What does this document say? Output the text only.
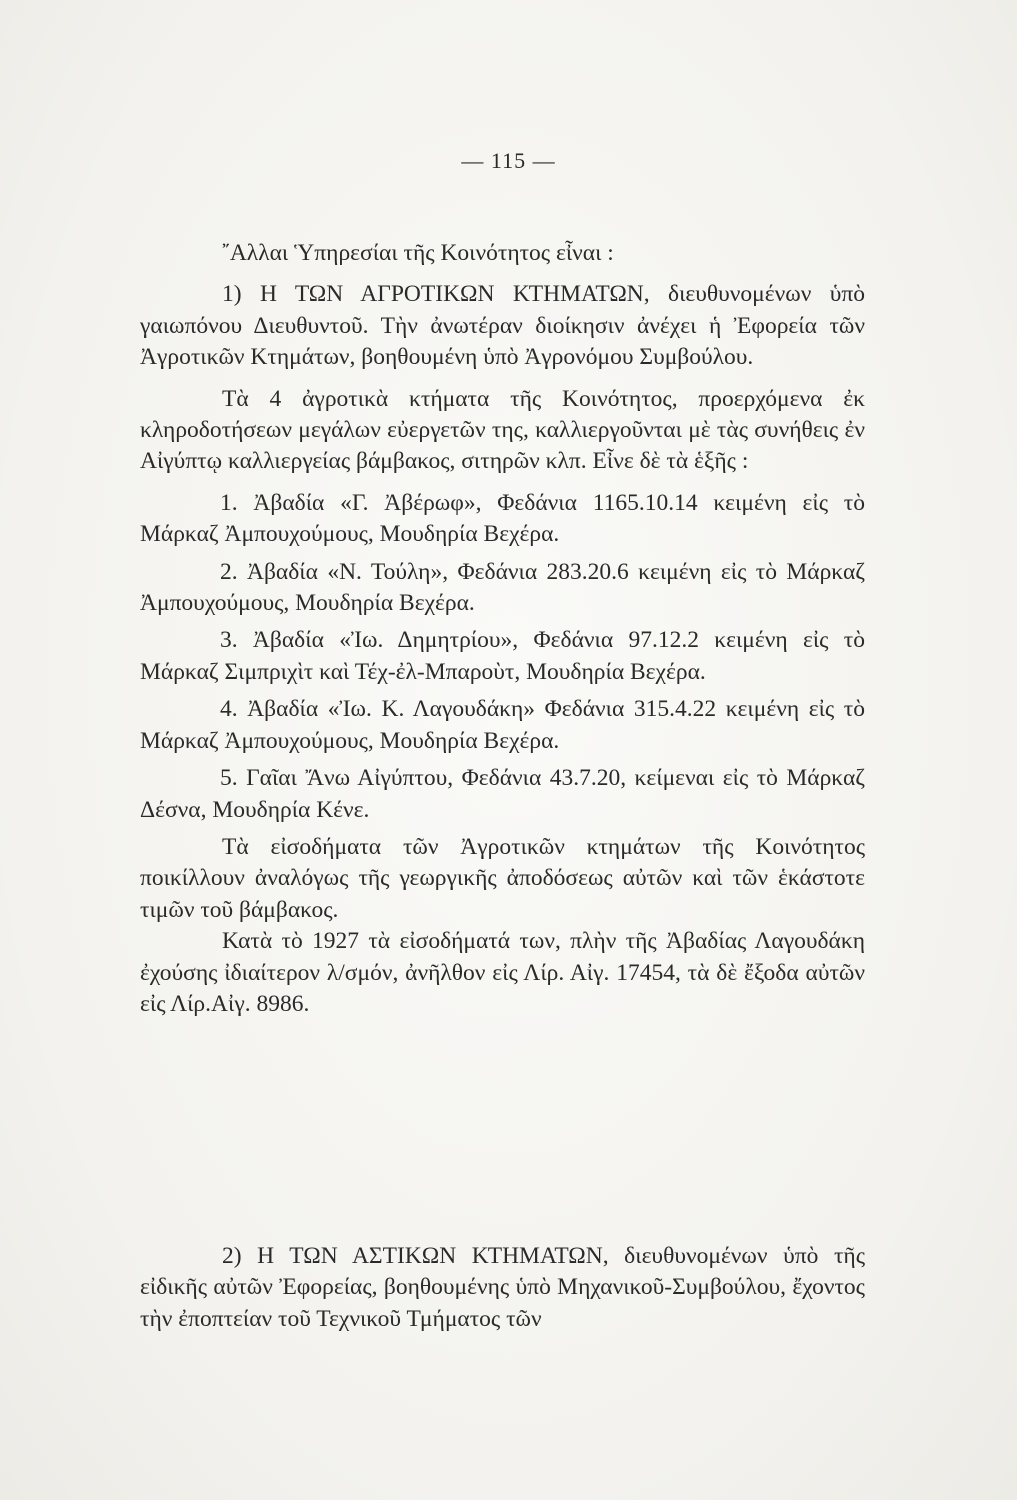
— 115 —

῎Αλλαι Ὑπηρεσίαι τῆς Κοινότητος εἶναι :

1) Η ΤΩΝ ΑΓΡΟΤΙΚΩΝ ΚΤΗΜΑΤΩΝ, διευθυνομένων ὑπὸ γαιωπόνου Διευθυντοῦ. Τὴν ἀνωτέραν διοίκησιν ἀνέχει ἡ Ἐφορεία τῶν Ἀγροτικῶν Κτημάτων, βοηθουμένη ὑπὸ Ἀγρονόμου Συμβούλου.

Τὰ 4 ἀγροτικὰ κτήματα τῆς Κοινότητος, προερχόμενα ἐκ κληροδοτήσεων μεγάλων εὐεργετῶν της, καλλιεργοῦνται μὲ τὰς συνήθεις ἐν Αἰγύπτῳ καλλιεργείας βάμβακος, σιτηρῶν κλπ. Εἶνε δὲ τὰ ἑξῆς :

1. Ἀβαδία «Γ. Ἀβέρωφ», Φεδάνια 1165.10.14 κειμένη εἰς τὸ Μάρκαζ Ἀμπουχούμους, Μουδηρία Βεχέρα.

2. Ἀβαδία «Ν. Τούλη», Φεδάνια 283.20.6 κειμένη εἰς τὸ Μάρκαζ Ἀμπουχούμους, Μουδηρία Βεχέρα.

3. Ἀβαδία «Ἰω. Δημητρίου», Φεδάνια 97.12.2 κειμένη εἰς τὸ Μάρκαζ Σιμπριχὶτ καὶ Τέχ-ἐλ-Μπαροὺτ, Μουδηρία Βεχέρα.

4. Ἀβαδία «Ἰω. Κ. Λαγουδάκη» Φεδάνια 315.4.22 κειμένη εἰς τὸ Μάρκαζ Ἀμπουχούμους, Μουδηρία Βεχέρα.

5. Γαῖαι Ἄνω Αἰγύπτου, Φεδάνια 43.7.20, κείμεναι εἰς τὸ Μάρκαζ Δέσνα, Μουδηρία Κένε.

Τὰ εἰσοδήματα τῶν Ἀγροτικῶν κτημάτων τῆς Κοινότητος ποικίλλουν ἀναλόγως τῆς γεωργικῆς ἀποδόσεως αὐτῶν καὶ τῶν ἑκάστοτε τιμῶν τοῦ βάμβακος.

Κατὰ τὸ 1927 τὰ εἰσοδήματά των, πλὴν τῆς Ἀβαδίας Λαγουδάκη ἐχούσης ἰδιαίτερον λ/σμόν, ἀνῆλθον εἰς Λίρ. Αἰγ. 17454, τὰ δὲ ἔξοδα αὐτῶν εἰς Λίρ.Αἰγ. 8986.

2) Η ΤΩΝ ΑΣΤΙΚΩΝ ΚΤΗΜΑΤΩΝ, διευθυνομένων ὑπὸ τῆς εἰδικῆς αὐτῶν Ἐφορείας, βοηθουμένης ὑπὸ Μηχανικοῦ-Συμβούλου, ἔχοντος τὴν ἐποπτείαν τοῦ Τεχνικοῦ Τμήματος τῶν
